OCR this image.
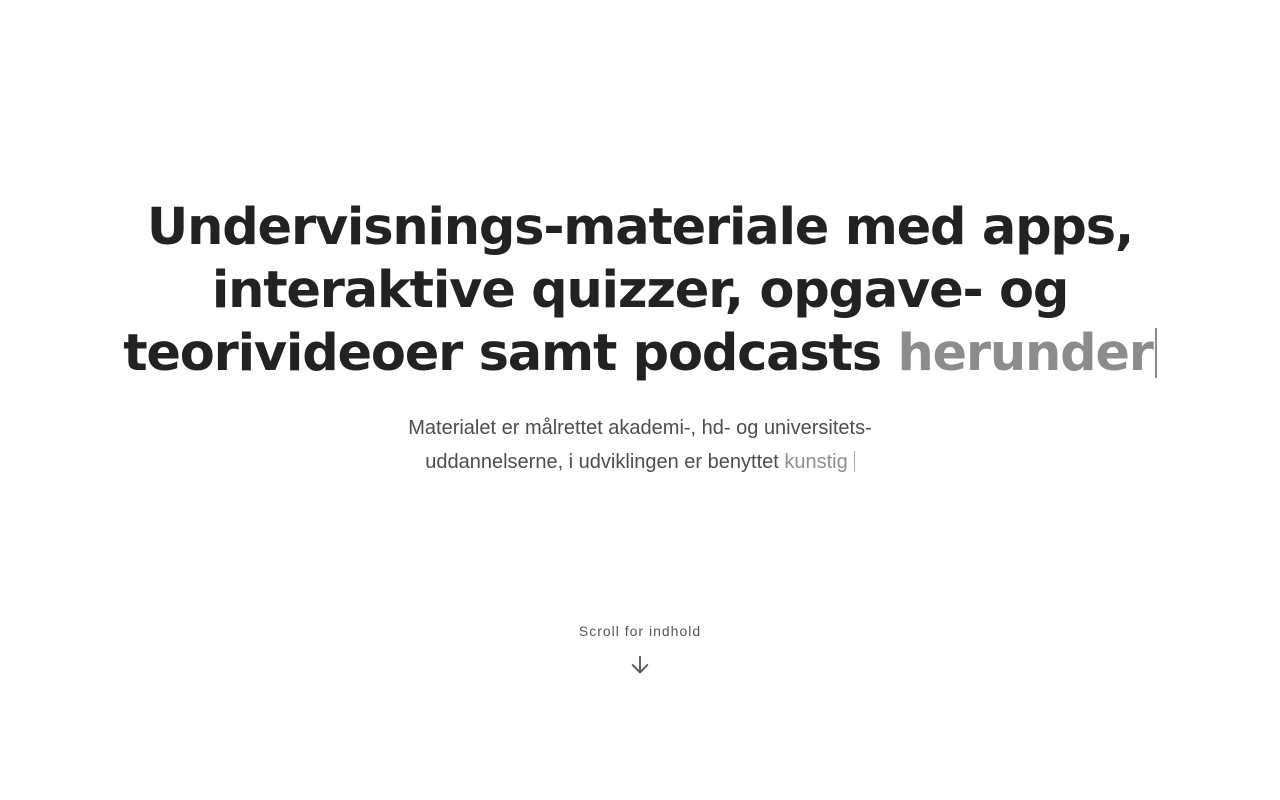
Undervisnings-materiale med apps, interaktive quizzer, opgave- og teorivideoer samt podcasts herunder

Materialet er målrettet akademi-, hd- og universitets-uddannelserne, i udviklingen er benyttet kunstig

Scroll for indhold
